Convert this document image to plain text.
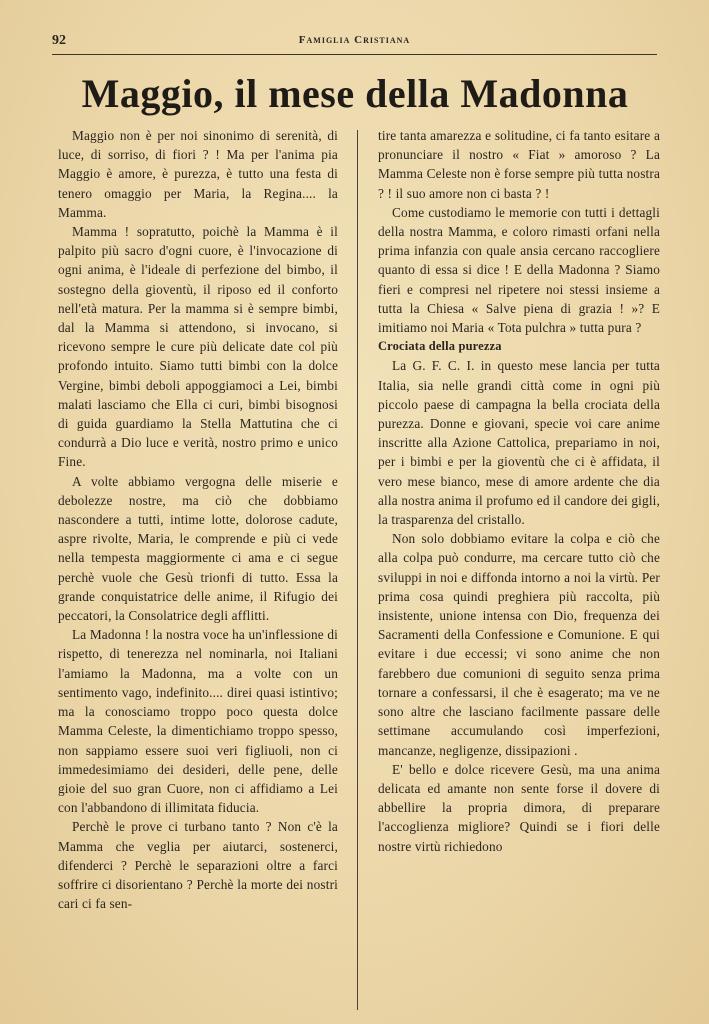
92	Famiglia Cristiana
Maggio, il mese della Madonna

Maggio non è per noi sinonimo di serenità, di luce, di sorriso, di fiori ? ! Ma per l'anima pia Maggio è amore, è purezza, è tutto una festa di tenero omaggio per Maria, la Regina.... la Mamma.

Mamma ! sopratutto, poichè la Mamma è il palpito più sacro d'ogni cuore, è l'invocazione di ogni anima, è l'ideale di perfezione del bimbo, il sostegno della gioventù, il riposo ed il conforto nell'età matura. Per la mamma si è sempre bimbi, dal la Mamma si attendono, si invocano, si ricevono sempre le cure più delicate date col più profondo intuito. Siamo tutti bimbi con la dolce Vergine, bimbi deboli appoggiamoci a Lei, bimbi malati lasciamo che Ella ci curi, bimbi bisognosi di guida guardiamo la Stella Mattutina che ci condurrà a Dio luce e verità, nostro primo e unico Fine.

A volte abbiamo vergogna delle miserie e debolezze nostre, ma ciò che dobbiamo nascondere a tutti, intime lotte, dolorose cadute, aspre rivolte, Maria, le comprende e più ci vede nella tempesta maggiormente ci ama e ci segue perchè vuole che Gesù trionfi di tutto. Essa la grande conquistatrice delle anime, il Rifugio dei peccatori, la Consolatrice degli afflitti.

La Madonna ! la nostra voce ha un'inflessione di rispetto, di tenerezza nel nominarla, noi Italiani l'amiamo la Madonna, ma a volte con un sentimento vago, indefinito.... direi quasi istintivo; ma la conosciamo troppo poco questa dolce Mamma Celeste, la dimentichiamo troppo spesso, non sappiamo essere suoi veri figliuoli, non ci immedesimiamo dei desideri, delle pene, delle gioie del suo gran Cuore, non ci affidiamo a Lei con l'abbandono di illimitata fiducia.

Perchè le prove ci turbano tanto ? Non c'è la Mamma che veglia per aiutarci, sostenerci, difenderci ? Perchè le separazioni oltre a farci soffrire ci disorientano ? Perchè la morte dei nostri cari ci fa sen-

tire tanta amarezza e solitudine, ci fa tanto esitare a pronunciare il nostro « Fiat » amoroso ? La Mamma Celeste non è forse sempre più tutta nostra ? ! il suo amore non ci basta ? !

Come custodiamo le memorie con tutti i dettagli della nostra Mamma, e coloro rimasti orfani nella prima infanzia con quale ansia cercano raccogliere quanto di essa si dice ! E della Madonna ? Siamo fieri e compresi nel ripetere noi stessi insieme a tutta la Chiesa « Salve piena di grazia ! »? E imitiamo noi Maria « Tota pulchra » tutta pura ?

Crociata della purezza

La G. F. C. I. in questo mese lancia per tutta Italia, sia nelle grandi città come in ogni più piccolo paese di campagna la bella crociata della purezza. Donne e giovani, specie voi care anime inscritte alla Azione Cattolica, prepariamo in noi, per i bimbi e per la gioventù che ci è affidata, il vero mese bianco, mese di amore ardente che dia alla nostra anima il profumo ed il candore dei gigli, la trasparenza del cristallo.

Non solo dobbiamo evitare la colpa e ciò che alla colpa può condurre, ma cercare tutto ciò che sviluppi in noi e diffonda intorno a noi la virtù. Per prima cosa quindi preghiera più raccolta, più insistente, unione intensa con Dio, frequenza dei Sacramenti della Confessione e Comunione. E qui evitare i due eccessi; vi sono anime che non farebbero due comunioni di seguito senza prima tornare a confessarsi, il che è esagerato; ma ve ne sono altre che lasciano facilmente passare delle settimane accumulando così imperfezioni, mancanze, negligenze, dissipazioni .

E' bello e dolce ricevere Gesù, ma una anima delicata ed amante non sente forse il dovere di abbellire la propria dimora, di preparare l'accoglienza migliore? Quindi se i fiori delle nostre virtù richiedono
